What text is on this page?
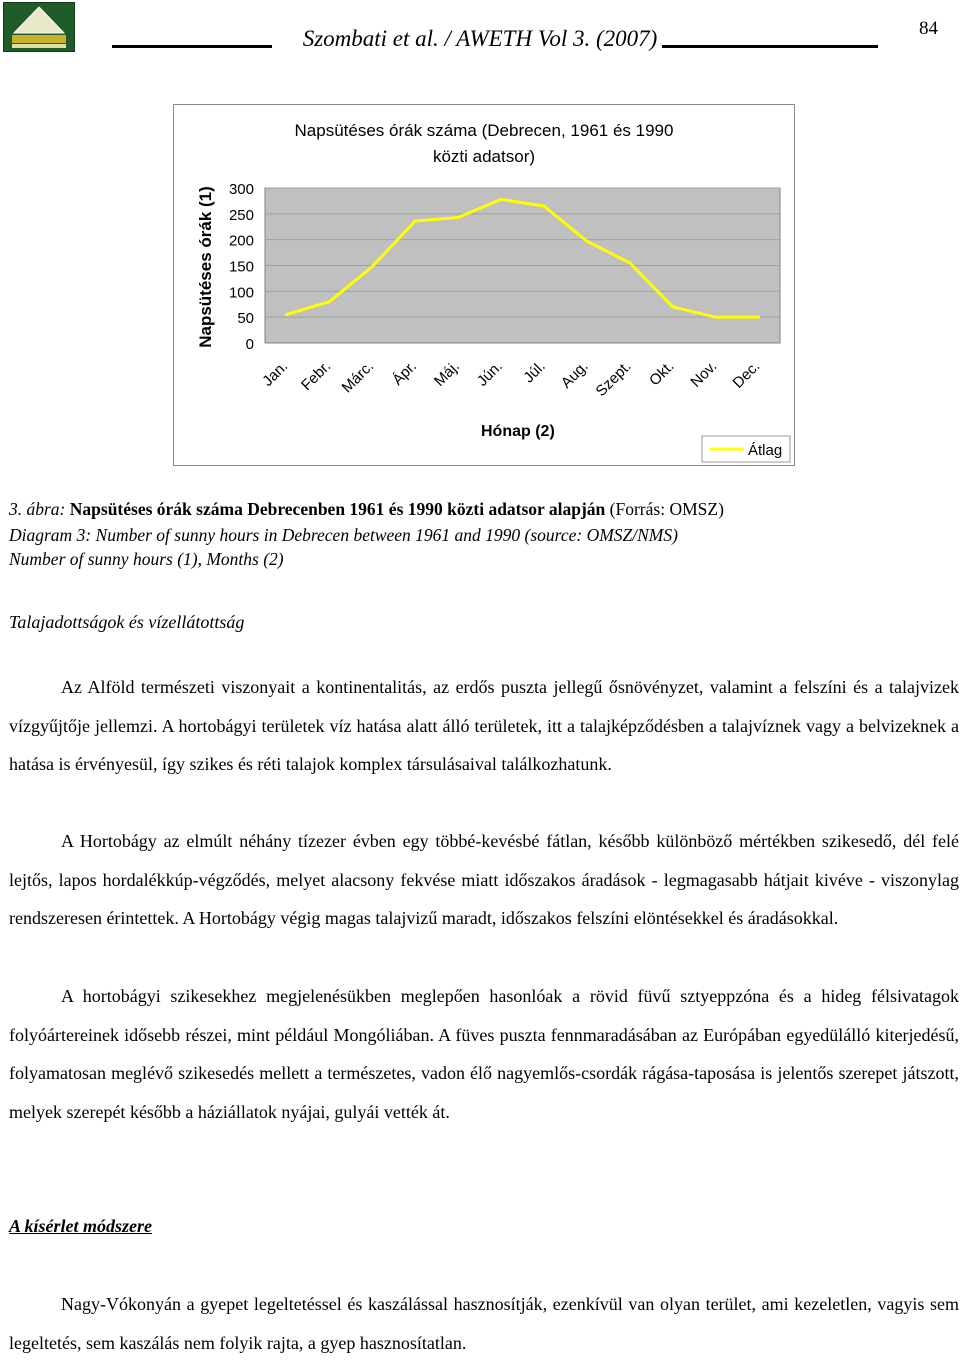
Szombati et al. / AWETH Vol 3. (2007)	84
Napsütéses órák száma (Debrecen, 1961 és 1990
közti adatsor)
Napsütéses órák (1) 300
250
200
150
100
50
0
Jan. Febr. Márc. Ápr. Máj. Jún. Júl. Aug. Szept. Okt. Nov. Dec.
Hónap (2)
Átlag
3. ábra: Napsütéses órák száma Debrecenben 1961 és 1990 közti adatsor alapján (Forrás: OMSZ)
Diagram 3: Number of sunny hours in Debrecen between 1961 and 1990 (source: OMSZ/NMS)
Number of sunny hours (1), Months (2)
Talajadottságok és vízellátottság
Az Alföld természeti viszonyait a kontinentalitás, az erdős puszta jellegű ősnövényzet, valamint a felszíni és a talajvizek vízgyűjtője jellemzi. A hortobágyi területek víz hatása alatt álló területek, itt a talajképződésben a talajvíznek vagy a belvizeknek a hatása is érvényesül, így szikes és réti talajok komplex társulásaival találkozhatunk.
A Hortobágy az elmúlt néhány tízezer évben egy többé-kevésbé fátlan, később különböző mértékben szikesedő, dél felé lejtős, lapos hordalékkúp-végződés, melyet alacsony fekvése miatt időszakos áradások - legmagasabb hátjait kivéve - viszonylag rendszeresen érintettek. A Hortobágy végig magas talajvizű maradt, időszakos felszíni elöntésekkel és áradásokkal.
A hortobágyi szikesekhez megjelenésükben meglepően hasonlóak a rövid füvű sztyeppzóna és a hideg félsivatagok folyóártereinek idősebb részei, mint például Mongóliában. A füves puszta fennmaradásában az Európában egyedülálló kiterjedésű, folyamatosan meglévő szikesedés mellett a természetes, vadon élő nagyemlős-csordák rágása-taposása is jelentős szerepet játszott, melyek szerepét később a háziállatok nyájai, gulyái vették át.
A kísérlet módszere
Nagy-Vókonyán a gyepet legeltetéssel és kaszálással hasznosítják, ezenkívül van olyan terület, ami kezeletlen, vagyis sem legeltetés, sem kaszálás nem folyik rajta, a gyep hasznosítatlan.
